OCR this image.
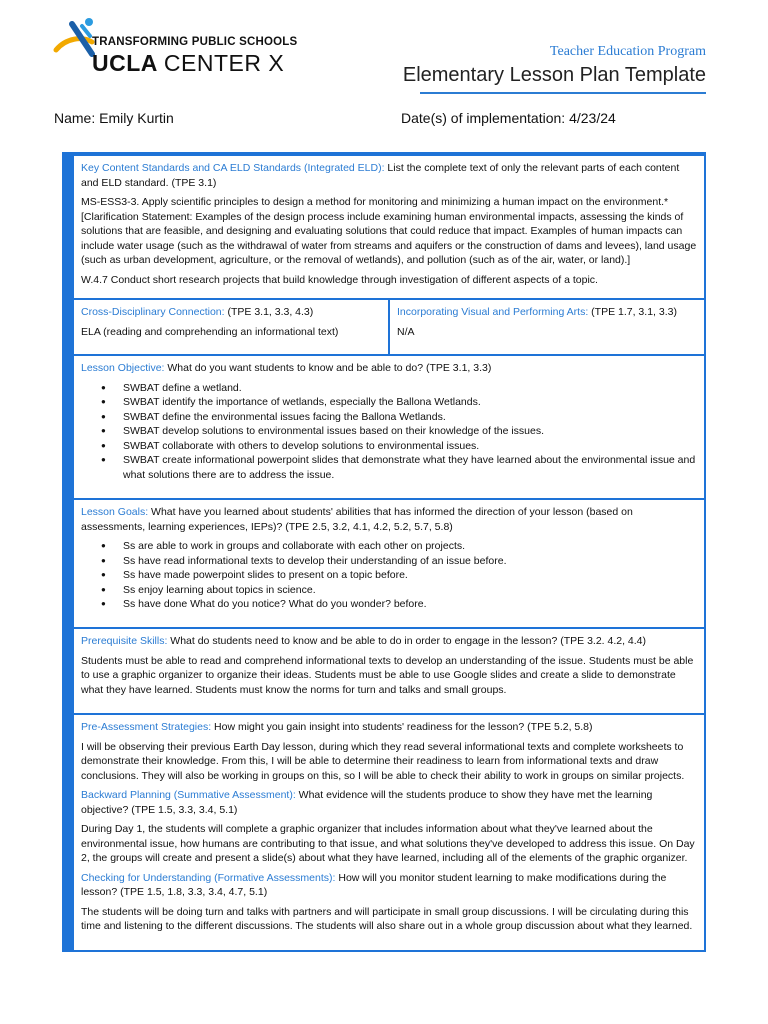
TRANSFORMING PUBLIC SCHOOLS
UCLA CENTER X	Teacher Education Program
Elementary Lesson Plan Template
Name: Emily Kurtin	Date(s) of implementation: 4/23/24

Key Content Standards and CA ELD Standards (Integrated ELD): List the complete text of only the relevant parts of each content and ELD standard. (TPE 3.1)

MS-ESS3-3. Apply scientific principles to design a method for monitoring and minimizing a human impact on the environment.*[Clarification Statement: Examples of the design process include examining human environmental impacts, assessing the kinds of solutions that are feasible, and designing and evaluating solutions that could reduce that impact. Examples of human impacts can include water usage (such as the withdrawal of water from streams and aquifers or the construction of dams and levees), land usage (such as urban development, agriculture, or the removal of wetlands), and pollution (such as of the air, water, or land).]

W.4.7 Conduct short research projects that build knowledge through investigation of different aspects of a topic.

Cross-Disciplinary Connection: (TPE 3.1, 3.3, 4.3)

ELA (reading and comprehending an informational text)

Incorporating Visual and Performing Arts: (TPE 1.7, 3.1, 3.3)

N/A

Lesson Objective: What do you want students to know and be able to do? (TPE 3.1, 3.3)

● SWBAT define a wetland.
● SWBAT identify the importance of wetlands, especially the Ballona Wetlands.
● SWBAT define the environmental issues facing the Ballona Wetlands.
● SWBAT develop solutions to environmental issues based on their knowledge of the issues.
● SWBAT collaborate with others to develop solutions to environmental issues.
● SWBAT create informational powerpoint slides that demonstrate what they have learned about the environmental issue and what solutions there are to address the issue.

Lesson Goals: What have you learned about students' abilities that has informed the direction of your lesson (based on assessments, learning experiences, IEPs)? (TPE 2.5, 3.2, 4.1, 4.2, 5.2, 5.7, 5.8)

● Ss are able to work in groups and collaborate with each other on projects.
● Ss have read informational texts to develop their understanding of an issue before.
● Ss have made powerpoint slides to present on a topic before.
● Ss enjoy learning about topics in science.
● Ss have done What do you notice? What do you wonder? before.

Prerequisite Skills: What do students need to know and be able to do in order to engage in the lesson? (TPE 3.2. 4.2, 4.4)

Students must be able to read and comprehend informational texts to develop an understanding of the issue. Students must be able to use a graphic organizer to organize their ideas. Students must be able to use Google slides and create a slide to demonstrate what they have learned. Students must know the norms for turn and talks and small groups.

Pre-Assessment Strategies: How might you gain insight into students' readiness for the lesson? (TPE 5.2, 5.8)

I will be observing their previous Earth Day lesson, during which they read several informational texts and complete worksheets to demonstrate their knowledge. From this, I will be able to determine their readiness to learn from informational texts and draw conclusions. They will also be working in groups on this, so I will be able to check their ability to work in groups on similar projects.

Backward Planning (Summative Assessment): What evidence will the students produce to show they have met the learning objective? (TPE 1.5, 3.3, 3.4, 5.1)

During Day 1, the students will complete a graphic organizer that includes information about what they've learned about the environmental issue, how humans are contributing to that issue, and what solutions they've developed to address this issue. On Day 2, the groups will create and present a slide(s) about what they have learned, including all of the elements of the graphic organizer.

Checking for Understanding (Formative Assessments): How will you monitor student learning to make modifications during the lesson? (TPE 1.5, 1.8, 3.3, 3.4, 4.7, 5.1)

The students will be doing turn and talks with partners and will participate in small group discussions. I will be circulating during this time and listening to the different discussions. The students will also share out in a whole group discussion about what they learned.
